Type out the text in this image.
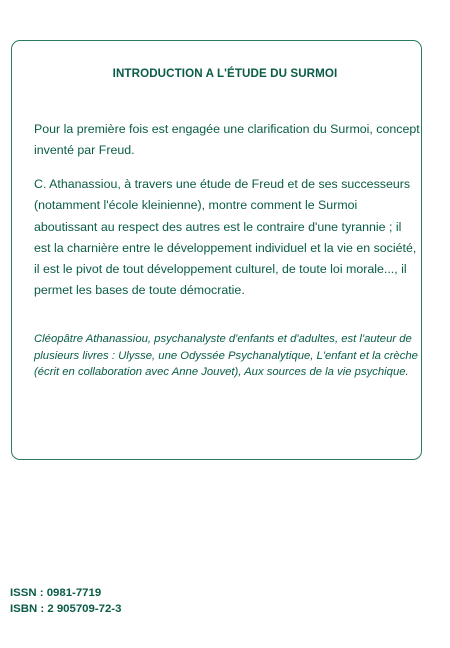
INTRODUCTION A L'ÉTUDE DU SURMOI

Pour la première fois est engagée une clarification du Surmoi, concept inventé par Freud.

C. Athanassiou, à travers une étude de Freud et de ses successeurs (notamment l'école kleinienne), montre comment le Surmoi aboutissant au respect des autres est le contraire d'une tyrannie ; il est la charnière entre le développement individuel et la vie en société, il est le pivot de tout développement culturel, de toute loi morale..., il permet les bases de toute démocratie.

Cléopâtre Athanassiou, psychanalyste d'enfants et d'adultes, est l'auteur de plusieurs livres : Ulysse, une Odyssée Psychanalytique, L'enfant et la crèche (écrit en collaboration avec Anne Jouvet), Aux sources de la vie psychique.

ISSN : 0981-7719
ISBN : 2 905709-72-3
